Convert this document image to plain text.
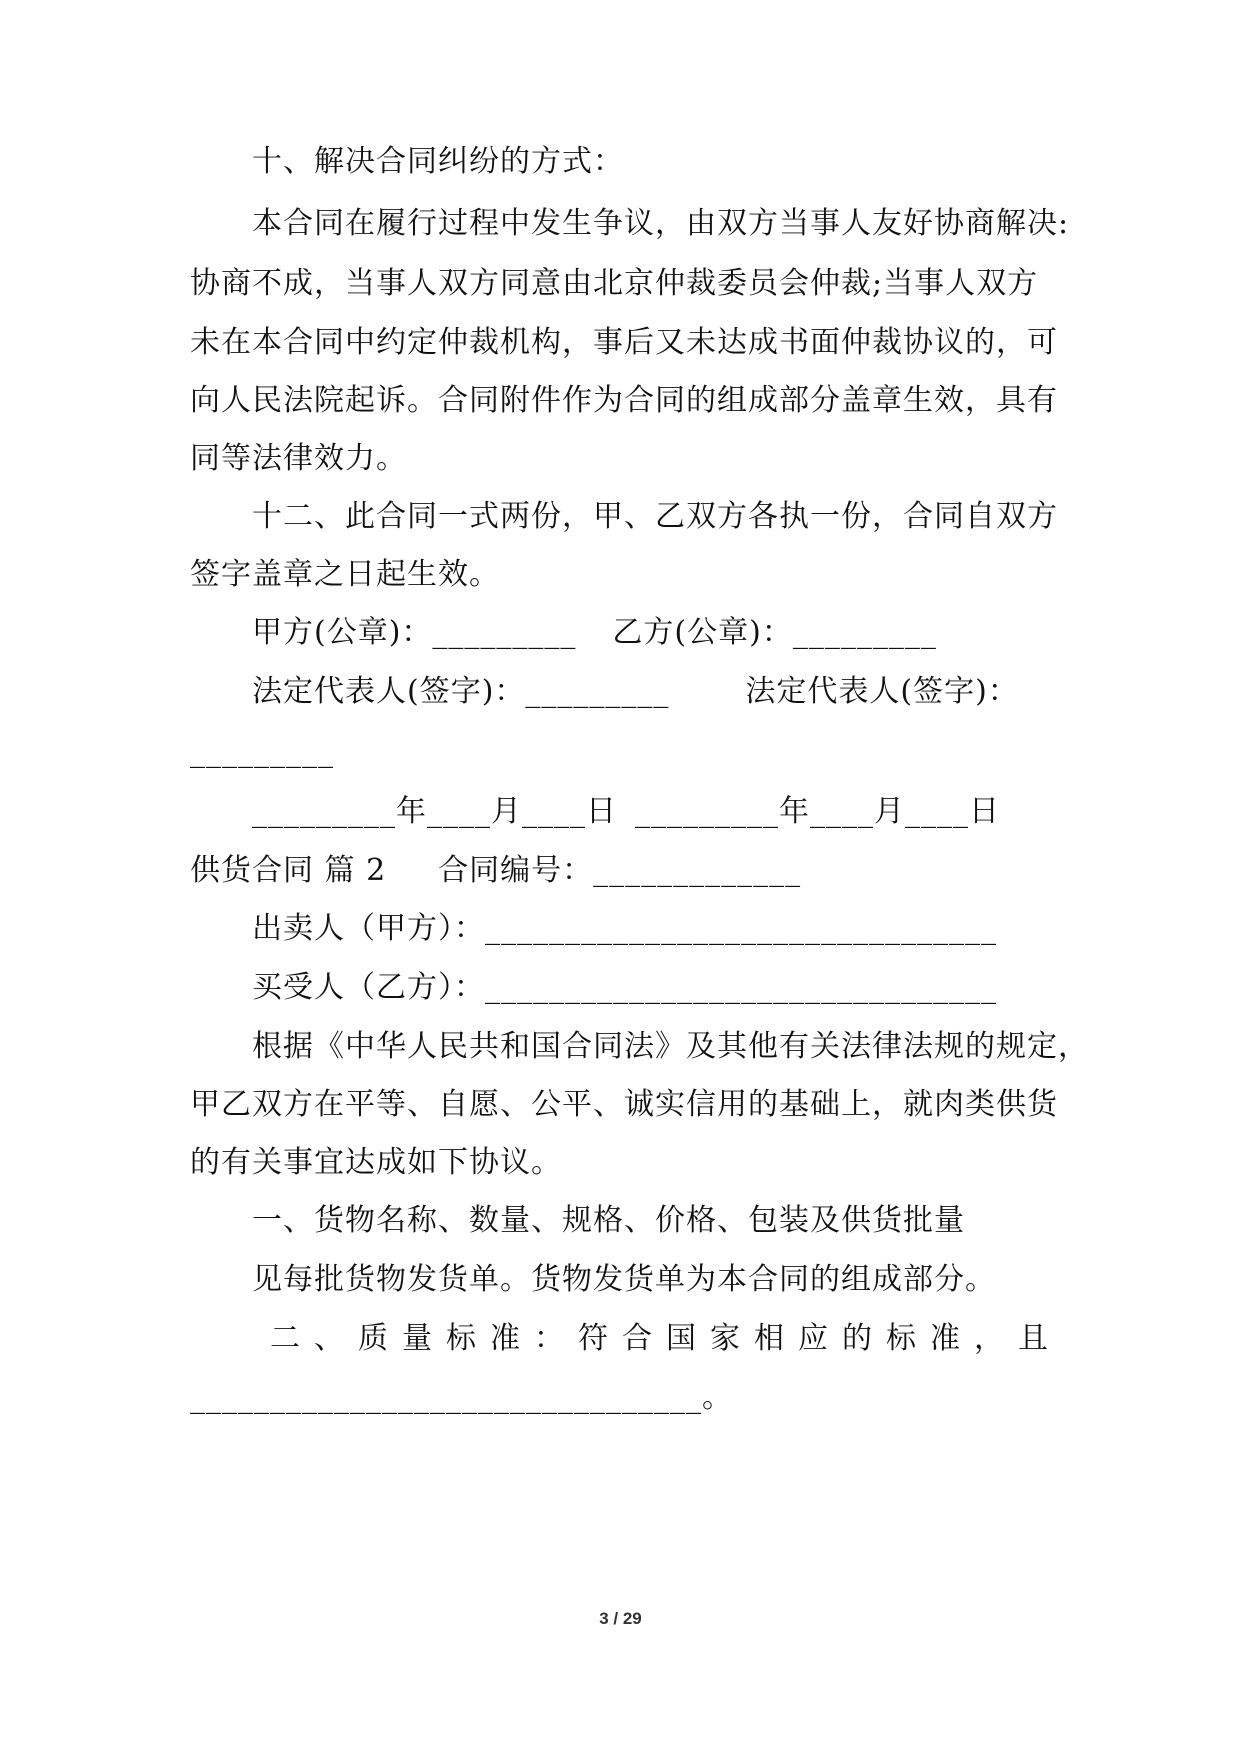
十、解决合同纠纷的方式：
本合同在履行过程中发生争议，由双方当事人友好协商解决:
协商不成，当事人双方同意由北京仲裁委员会仲裁;当事人双方
未在本合同中约定仲裁机构，事后又未达成书面仲裁协议的，可
向人民法院起诉。合同附件作为合同的组成部分盖章生效，具有
同等法律效力。
十二、此合同一式两份，甲、乙双方各执一份，合同自双方
签字盖章之日起生效。
甲方(公章)：_________ 乙方(公章)：_________
法定代表人(签字)：_________	法定代表人(签字)：
_________
_________年____月____日 _________年____月____日
供货合同 篇 2 合同编号：_____________
出卖人（甲方）：________________________________
买受人（乙方）：________________________________
根据《中华人民共和国合同法》及其他有关法律法规的规定，
甲乙双方在平等、自愿、公平、诚实信用的基础上，就肉类供货
的有关事宜达成如下协议。
一、货物名称、数量、规格、价格、包装及供货批量
见每批货物发货单。货物发货单为本合同的组成部分。
二、质量标准：符合国家相应的标准，且
________________________________。
3 / 29
